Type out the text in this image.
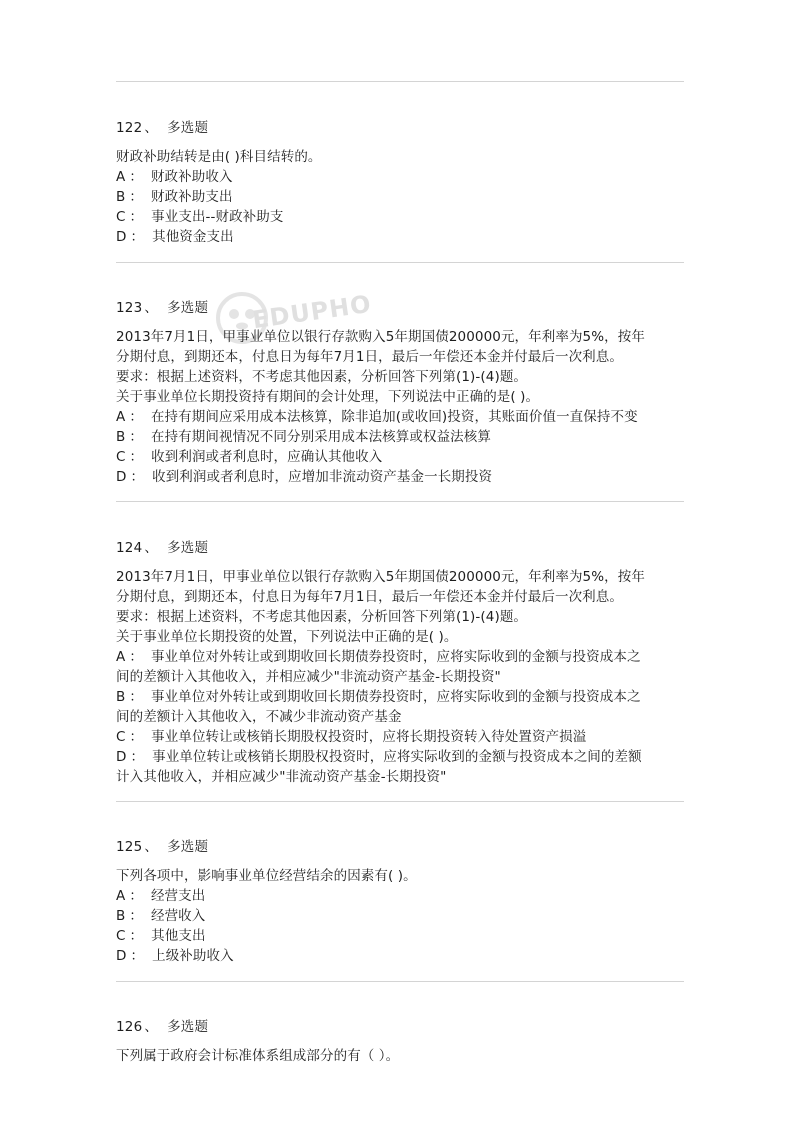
EDUPHO
122 、 多选题
财政补助结转是由( )科目结转的。
A ： 财政补助收入
B ： 财政补助支出
C ： 事业支出--财政补助支
D ： 其他资金支出
123 、 多选题
2013年7月1日，甲事业单位以银行存款购入5年期国债200000元，年利率为5%，按年
分期付息，到期还本，付息日为每年7月1日，最后一年偿还本金并付最后一次利息。
要求：根据上述资料，不考虑其他因素，分析回答下列第(1)-(4)题。
关于事业单位长期投资持有期间的会计处理，下列说法中正确的是( )。
A ： 在持有期间应采用成本法核算，除非追加(或收回)投资，其账面价值一直保持不变
B ： 在持有期间视情况不同分别采用成本法核算或权益法核算
C ： 收到利润或者利息时，应确认其他收入
D ： 收到利润或者利息时，应增加非流动资产基金一长期投资
124 、 多选题
2013年7月1日，甲事业单位以银行存款购入5年期国债200000元，年利率为5%，按年
分期付息，到期还本，付息日为每年7月1日，最后一年偿还本金并付最后一次利息。
要求：根据上述资料，不考虑其他因素，分析回答下列第(1)-(4)题。
关于事业单位长期投资的处置，下列说法中正确的是( )。
A ： 事业单位对外转让或到期收回长期债券投资时，应将实际收到的金额与投资成本之
间的差额计入其他收入，并相应减少"非流动资产基金-长期投资"
B ： 事业单位对外转让或到期收回长期债券投资时，应将实际收到的金额与投资成本之
间的差额计入其他收入，不减少非流动资产基金
C ： 事业单位转让或核销长期股权投资时，应将长期投资转入待处置资产损溢
D ： 事业单位转让或核销长期股权投资时，应将实际收到的金额与投资成本之间的差额
计入其他收入，并相应减少"非流动资产基金-长期投资"
125 、 多选题
下列各项中，影响事业单位经营结余的因素有( )。
A ： 经营支出
B ： 经营收入
C ： 其他支出
D ： 上级补助收入
126 、 多选题
下列属于政府会计标准体系组成部分的有（ ）。
